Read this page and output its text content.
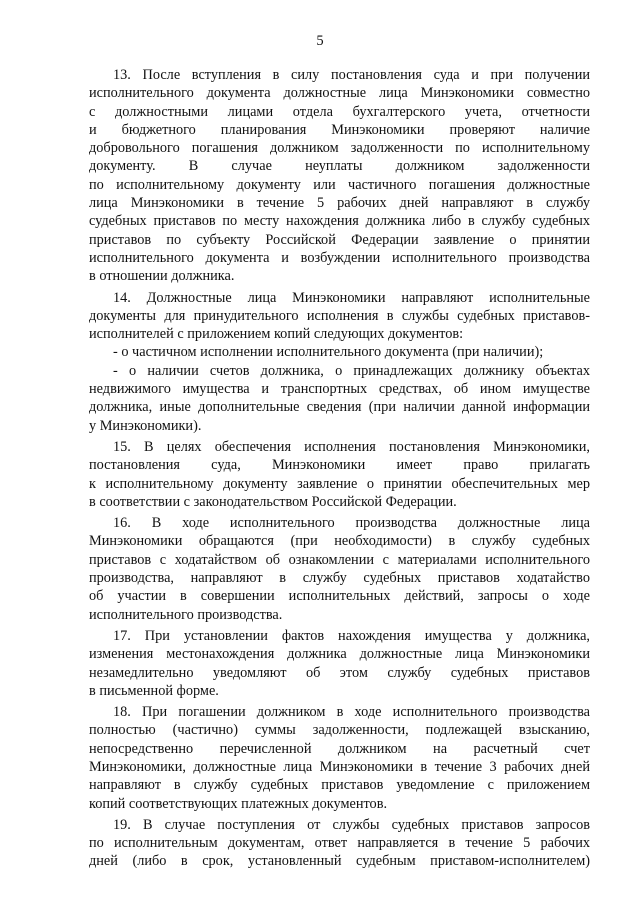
5
13. После вступления в силу постановления суда и при получении
исполнительного документа должностные лица Минэкономики совместно
с должностными лицами отдела бухгалтерского учета, отчетности
и бюджетного планирования Минэкономики проверяют наличие
добровольного погашения должником задолженности по исполнительному
документу. В случае неуплаты должником задолженности
по исполнительному документу или частичного погашения должностные
лица Минэкономики в течение 5 рабочих дней направляют в службу
судебных приставов по месту нахождения должника либо в службу судебных
приставов по субъекту Российской Федерации заявление о принятии
исполнительного документа и возбуждении исполнительного производства
в отношении должника.
14. Должностные лица Минэкономики направляют исполнительные
документы для принудительного исполнения в службы судебных приставов-
исполнителей с приложением копий следующих документов:
- о частичном исполнении исполнительного документа (при наличии);
- о наличии счетов должника, о принадлежащих должнику объектах
недвижимого имущества и транспортных средствах, об ином имуществе
должника, иные дополнительные сведения (при наличии данной информации
у Минэкономики).
15. В целях обеспечения исполнения постановления Минэкономики,
постановления суда, Минэкономики имеет право прилагать
к исполнительному документу заявление о принятии обеспечительных мер
в соответствии с законодательством Российской Федерации.
16. В ходе исполнительного производства должностные лица
Минэкономики обращаются (при необходимости) в службу судебных
приставов с ходатайством об ознакомлении с материалами исполнительного
производства, направляют в службу судебных приставов ходатайство
об участии в совершении исполнительных действий, запросы о ходе
исполнительного производства.
17. При установлении фактов нахождения имущества у должника,
изменения местонахождения должника должностные лица Минэкономики
незамедлительно уведомляют об этом службу судебных приставов
в письменной форме.
18. При погашении должником в ходе исполнительного производства
полностью (частично) суммы задолженности, подлежащей взысканию,
непосредственно перечисленной должником на расчетный счет
Минэкономики, должностные лица Минэкономики в течение 3 рабочих дней
направляют в службу судебных приставов уведомление с приложением
копий соответствующих платежных документов.
19. В случае поступления от службы судебных приставов запросов
по исполнительным документам, ответ направляется в течение 5 рабочих
дней (либо в срок, установленный судебным приставом-исполнителем)
